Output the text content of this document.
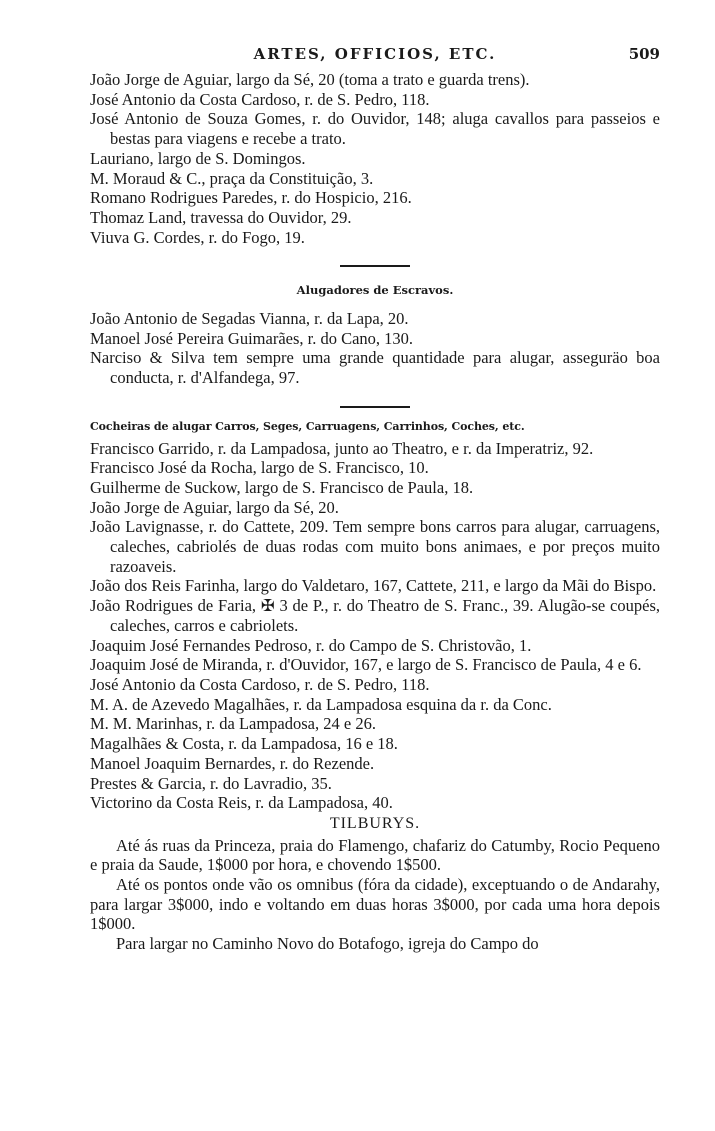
ARTES, OFFICIOS, ETC.	509
João Jorge de Aguiar, largo da Sé, 20 (toma a trato e guarda trens).
José Antonio da Costa Cardoso, r. de S. Pedro, 118.
José Antonio de Souza Gomes, r. do Ouvidor, 148; aluga cavallos para passeios e bestas para viagens e recebe a trato.
Lauriano, largo de S. Domingos.
M. Moraud & C., praça da Constituição, 3.
Romano Rodrigues Paredes, r. do Hospicio, 216.
Thomaz Land, travessa do Ouvidor, 29.
Viuva G. Cordes, r. do Fogo, 19.
Alugadores de Escravos.
João Antonio de Segadas Vianna, r. da Lapa, 20.
Manoel José Pereira Guimarães, r. do Cano, 130.
Narciso & Silva tem sempre uma grande quantidade para alugar, asseguräo boa conducta, r. d'Alfandega, 97.
Cocheiras de alugar Carros, Seges, Carruagens, Carrinhos, Coches, etc.
Francisco Garrido, r. da Lampadosa, junto ao Theatro, e r. da Imperatriz, 92.
Francisco José da Rocha, largo de S. Francisco, 10.
Guilherme de Suckow, largo de S. Francisco de Paula, 18.
João Jorge de Aguiar, largo da Sé, 20.
João Lavignasse, r. do Cattete, 209. Tem sempre bons carros para alugar, carruagens, caleches, cabriolés de duas rodas com muito bons animaes, e por preços muito razoaveis.
João dos Reis Farinha, largo do Valdetaro, 167, Cattete, 211, e largo da Mãi do Bispo.
João Rodrigues de Faria, ✠ 3 de P., r. do Theatro de S. Franc., 39. Alugão-se coupés, caleches, carros e cabriolets.
Joaquim José Fernandes Pedroso, r. do Campo de S. Christovão, 1.
Joaquim José de Miranda, r. d'Ouvidor, 167, e largo de S. Francisco de Paula, 4 e 6.
José Antonio da Costa Cardoso, r. de S. Pedro, 118.
M. A. de Azevedo Magalhães, r. da Lampadosa esquina da r. da Conc.
M. M. Marinhas, r. da Lampadosa, 24 e 26.
Magalhães & Costa, r. da Lampadosa, 16 e 18.
Manoel Joaquim Bernardes, r. do Rezende.
Prestes & Garcia, r. do Lavradio, 35.
Victorino da Costa Reis, r. da Lampadosa, 40.
TILBURYS.
Até ás ruas da Princeza, praia do Flamengo, chafariz do Catumby, Rocio Pequeno e praia da Saude, 1$000 por hora, e chovendo 1$500.
Até os pontos onde vão os omnibus (fóra da cidade), exceptuando o de Andarahy, para largar 3$000, indo e voltando em duas horas 3$000, por cada uma hora depois 1$000.
Para largar no Caminho Novo do Botafogo, igreja do Campo do
